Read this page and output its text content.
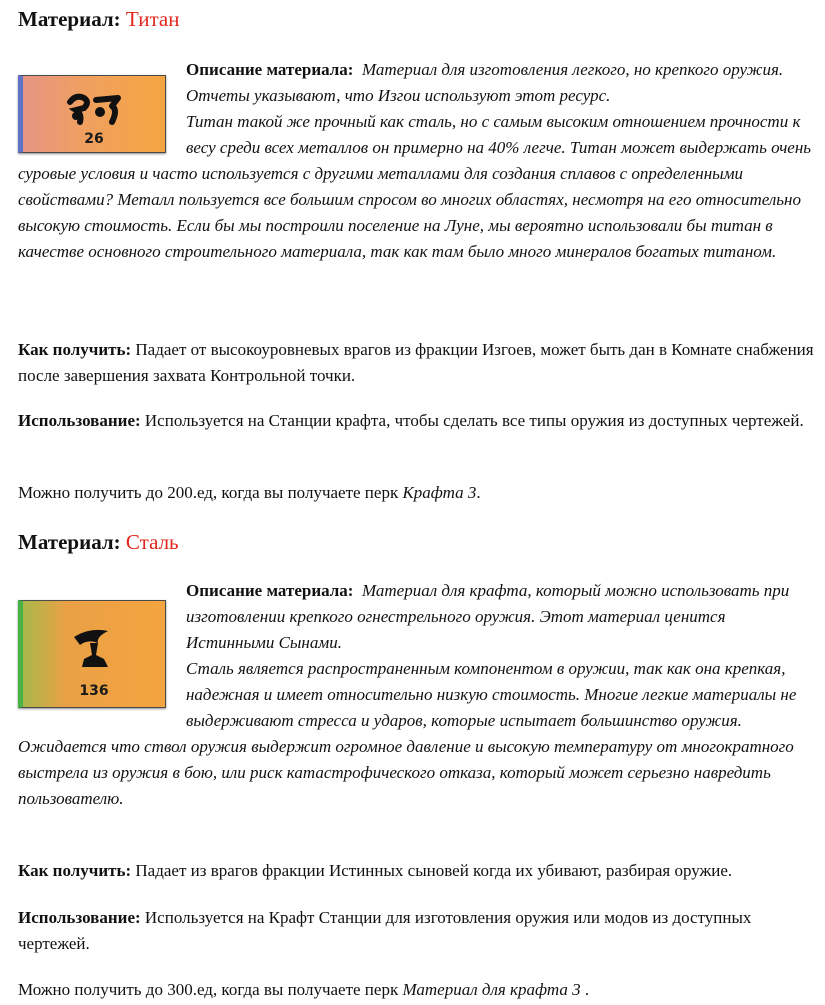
Материал: Титан
26

Описание материала: Материал для изготовления легкого, но крепкого оружия. Отчеты указывают, что Изгои используют этот ресурс.
Титан такой же прочный как сталь, но с самым высоким отношением прочности к весу среди всех металлов он примерно на 40% легче. Титан может выдержать очень суровые условия и часто используется с другими металлами для создания сплавов с определенными свойствами? Металл пользуется все большим спросом во многих областях, несмотря на его относительно высокую стоимость. Если бы мы построили поселение на Луне, мы вероятно использовали бы титан в качестве основного строительного материала, так как там было много минералов богатых титаном.

Как получить: Падает от высокоуровневых врагов из фракции Изгоев, может быть дан в Комнате снабжения после завершения захвата Контрольной точки.

Использование: Используется на Станции крафта, чтобы сделать все типы оружия из доступных чертежей.

Можно получить до 200.ед, когда вы получаете перк Крафта 3.

Материал: Сталь
136

Описание материала: Материал для крафта, который можно использовать при изготовлении крепкого огнестрельного оружия. Этот материал ценится Истинными Сынами.
Сталь является распространенным компонентом в оружии, так как она крепкая, надежная и имеет относительно низкую стоимость. Многие легкие материалы не выдерживают стресса и ударов, которые испытает большинство оружия.
Ожидается что ствол оружия выдержит огромное давление и высокую температуру от многократного выстрела из оружия в бою, или риск катастрофического отказа, который может серьезно навредить пользователю.

Как получить: Падает из врагов фракции Истинных сыновей когда их убивают, разбирая оружие.

Использование: Используется на Крафт Станции для изготовления оружия или модов из доступных чертежей.

Можно получить до 300.ед, когда вы получаете перк Материал для крафта 3 .
